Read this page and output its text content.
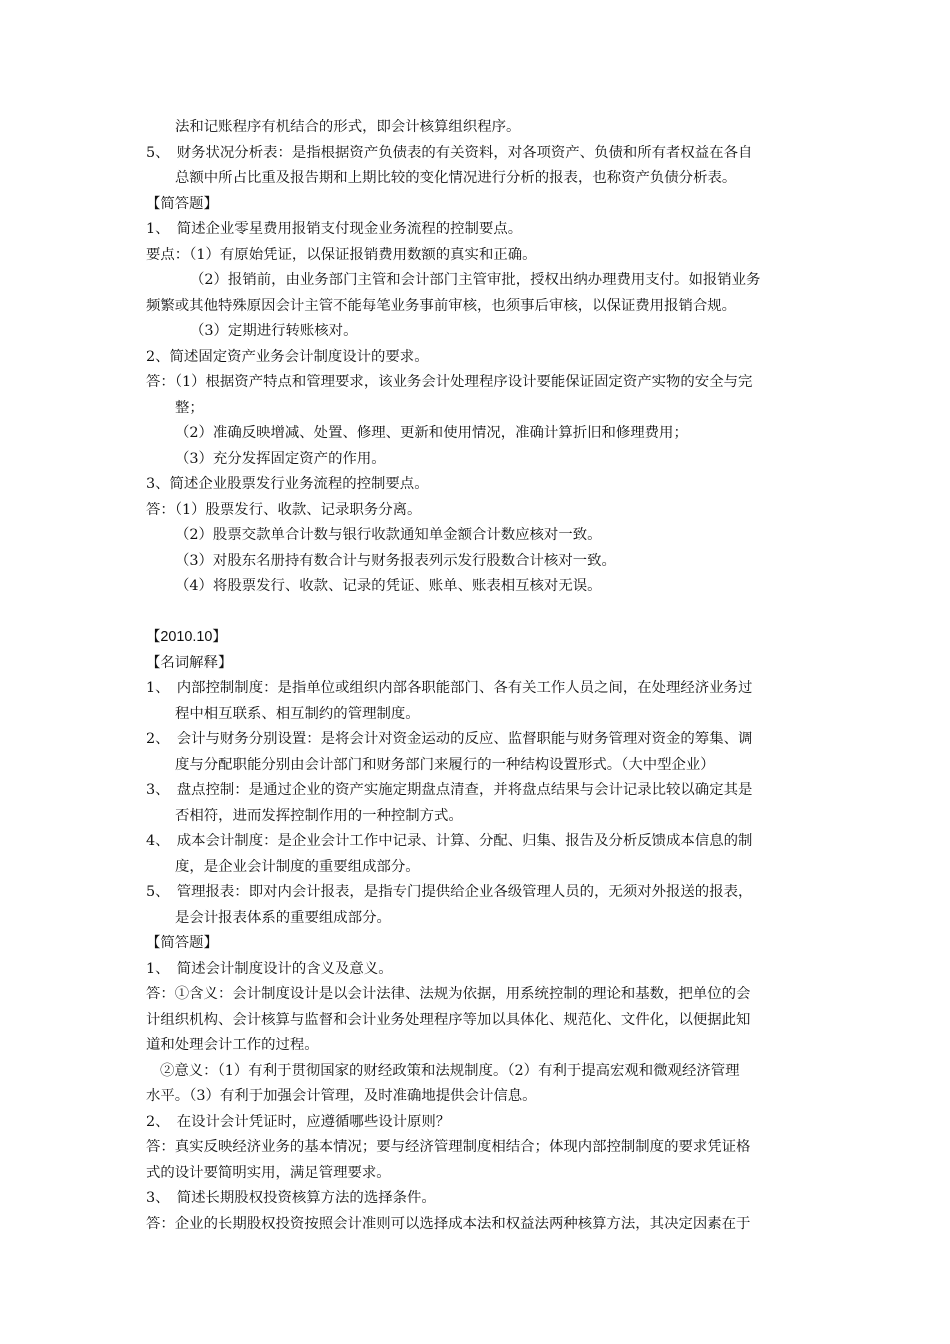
法和记账程序有机结合的形式，即会计核算组织程序。
5、　财务状况分析表：是指根据资产负债表的有关资料，对各项资产、负债和所有者权益在各自
总额中所占比重及报告期和上期比较的变化情况进行分析的报表，也称资产负债分析表。
【简答题】
1、　简述企业零星费用报销支付现金业务流程的控制要点。
要点：（1）有原始凭证，以保证报销费用数额的真实和正确。
（2）报销前，由业务部门主管和会计部门主管审批，授权出纳办理费用支付。如报销业务
频繁或其他特殊原因会计主管不能每笔业务事前审核，也须事后审核，以保证费用报销合规。
（3）定期进行转账核对。
2、简述固定资产业务会计制度设计的要求。
答：（1）根据资产特点和管理要求，该业务会计处理程序设计要能保证固定资产实物的安全与完
整；
（2）准确反映增减、处置、修理、更新和使用情况，准确计算折旧和修理费用；
（3）充分发挥固定资产的作用。
3、简述企业股票发行业务流程的控制要点。
答：（1）股票发行、收款、记录职务分离。
（2）股票交款单合计数与银行收款通知单金额合计数应核对一致。
（3）对股东名册持有数合计与财务报表列示发行股数合计核对一致。
（4）将股票发行、收款、记录的凭证、账单、账表相互核对无误。
【2010.10】
【名词解释】
1、　内部控制制度：是指单位或组织内部各职能部门、各有关工作人员之间，在处理经济业务过
程中相互联系、相互制约的管理制度。
2、　会计与财务分别设置：是将会计对资金运动的反应、监督职能与财务管理对资金的筹集、调
度与分配职能分别由会计部门和财务部门来履行的一种结构设置形式。（大中型企业）
3、　盘点控制：是通过企业的资产实施定期盘点清查，并将盘点结果与会计记录比较以确定其是
否相符，进而发挥控制作用的一种控制方式。
4、　成本会计制度：是企业会计工作中记录、计算、分配、归集、报告及分析反馈成本信息的制
度，是企业会计制度的重要组成部分。
5、　管理报表：即对内会计报表，是指专门提供给企业各级管理人员的，无须对外报送的报表，
是会计报表体系的重要组成部分。
【简答题】
1、　简述会计制度设计的含义及意义。
答：①含义：会计制度设计是以会计法律、法规为依据，用系统控制的理论和基数，把单位的会
计组织机构、会计核算与监督和会计业务处理程序等加以具体化、规范化、文件化，以便据此知
道和处理会计工作的过程。
②意义：（1）有利于贯彻国家的财经政策和法规制度。（2）有利于提高宏观和微观经济管理
水平。（3）有利于加强会计管理，及时准确地提供会计信息。
2、　在设计会计凭证时，应遵循哪些设计原则？
答：真实反映经济业务的基本情况；要与经济管理制度相结合；体现内部控制制度的要求凭证格
式的设计要简明实用，满足管理要求。
3、　简述长期股权投资核算方法的选择条件。
答：企业的长期股权投资按照会计准则可以选择成本法和权益法两种核算方法，其决定因素在于
